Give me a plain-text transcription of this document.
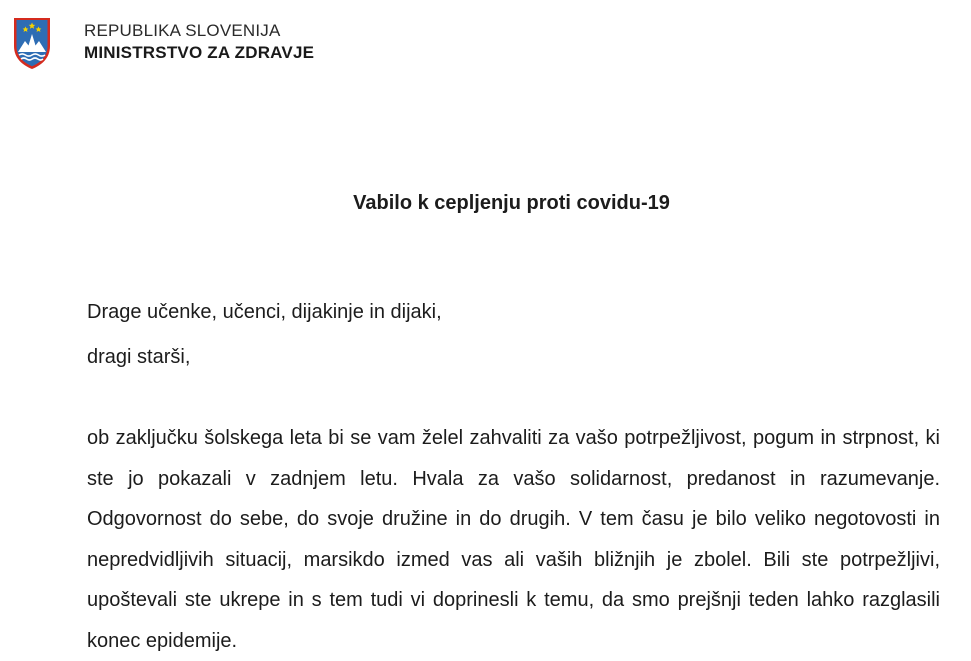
REPUBLIKA SLOVENIJA
MINISTRSTVO ZA ZDRAVJE
Vabilo k cepljenju proti covidu-19
Drage učenke, učenci, dijakinje in dijaki,
dragi starši,

ob zaključku šolskega leta bi se vam želel zahvaliti za vašo potrpežljivost, pogum in strpnost, ki ste jo pokazali v zadnjem letu. Hvala za vašo solidarnost, predanost in razumevanje. Odgovornost do sebe, do svoje družine in do drugih. V tem času je bilo veliko negotovosti in nepredvidljivih situacij, marsikdo izmed vas ali vaših bližnjih je zbolel. Bili ste potrpežljivi, upoštevali ste ukrepe in s tem tudi vi doprinesli k temu, da smo prejšnji teden lahko razglasili konec epidemije.
